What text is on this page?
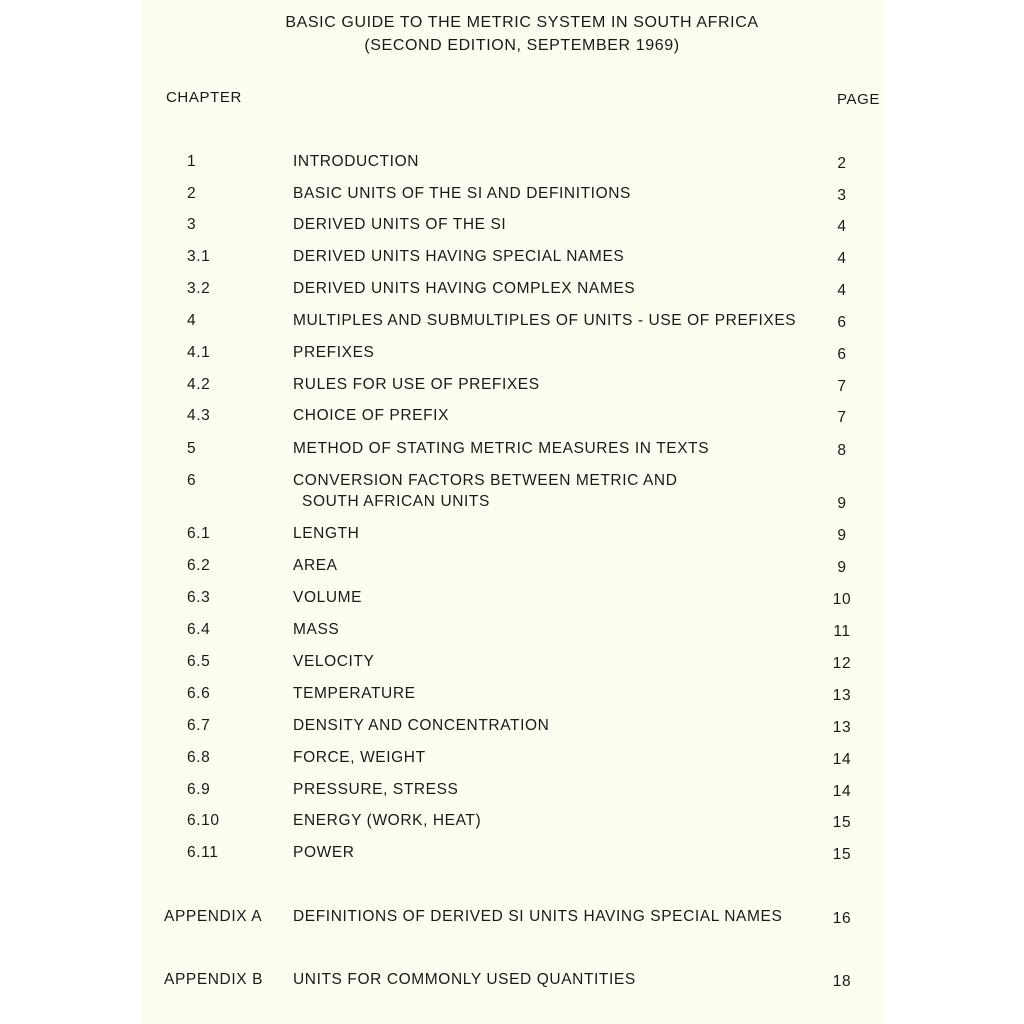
BASIC GUIDE TO THE METRIC SYSTEM IN SOUTH AFRICA
(SECOND EDITION, SEPTEMBER 1969)
CHAPTER	PAGE
1	INTRODUCTION	2
2	BASIC UNITS OF THE SI AND DEFINITIONS	3
3	DERIVED UNITS OF THE SI	4
3.1	DERIVED UNITS HAVING SPECIAL NAMES	4
3.2	DERIVED UNITS HAVING COMPLEX NAMES	4
4	MULTIPLES AND SUBMULTIPLES OF UNITS - USE OF PREFIXES	6
4.1	PREFIXES	6
4.2	RULES FOR USE OF PREFIXES	7
4.3	CHOICE OF PREFIX	7
5	METHOD OF STATING METRIC MEASURES IN TEXTS	8
6	CONVERSION FACTORS BETWEEN METRIC AND
SOUTH AFRICAN UNITS	9
6.1	LENGTH	9
6.2	AREA	9
6.3	VOLUME	10
6.4	MASS	11
6.5	VELOCITY	12
6.6	TEMPERATURE	13
6.7	DENSITY AND CONCENTRATION	13
6.8	FORCE, WEIGHT	14
6.9	PRESSURE, STRESS	14
6.10	ENERGY (WORK, HEAT)	15
6.11	POWER	15
APPENDIX A DEFINITIONS OF DERIVED SI UNITS HAVING SPECIAL NAMES	16
APPENDIX B UNITS FOR COMMONLY USED QUANTITIES	18
